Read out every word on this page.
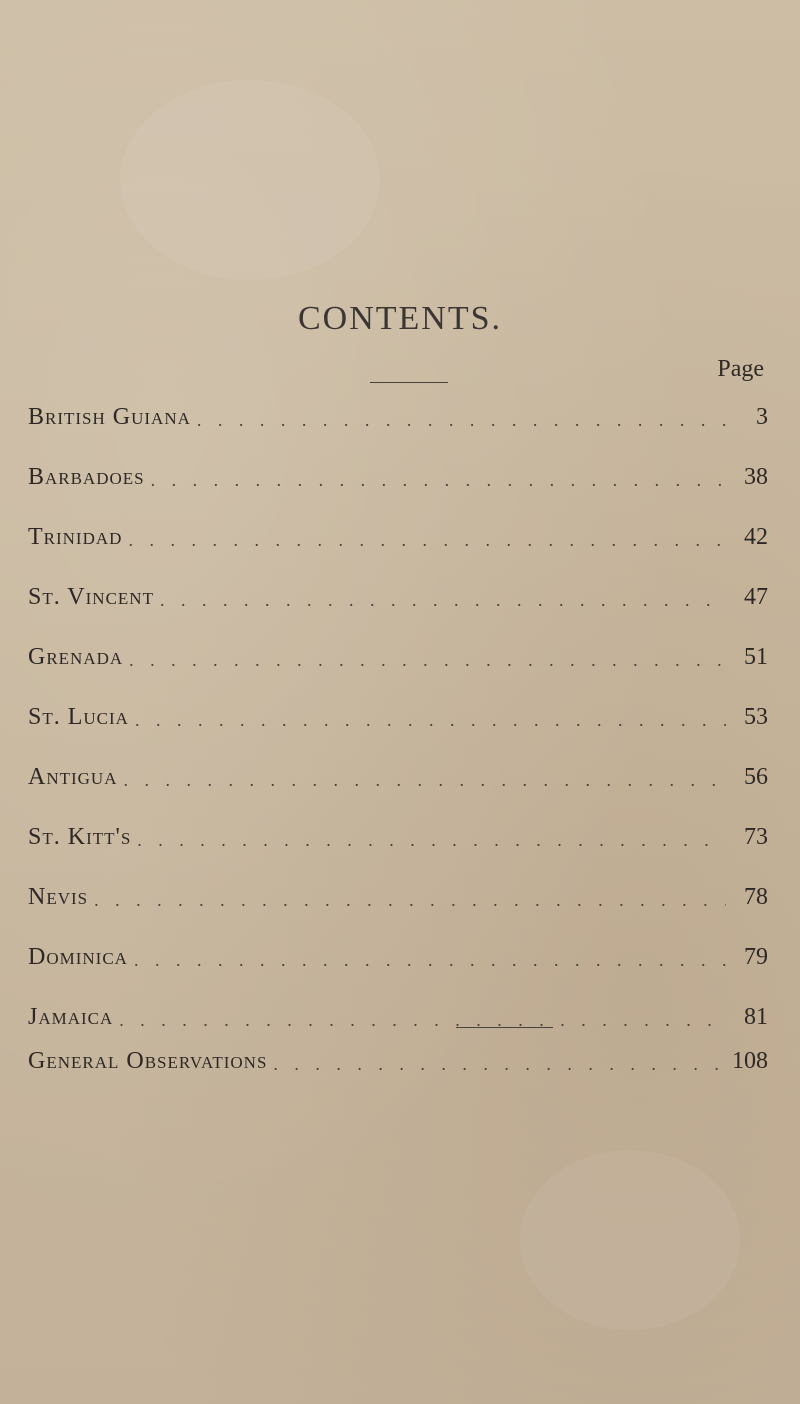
CONTENTS.
Page
British Guiana . . .	3
Barbadoes . . .	38
Trinidad . . .	42
St. Vincent . . .	47
Grenada . . .	51
St. Lucia . . .	53
Antigua . . .	56
St. Kitt's . . .	73
Nevis . . .	78
Dominica . . .	79
Jamaica . . .	81
General Observations . . .	108
